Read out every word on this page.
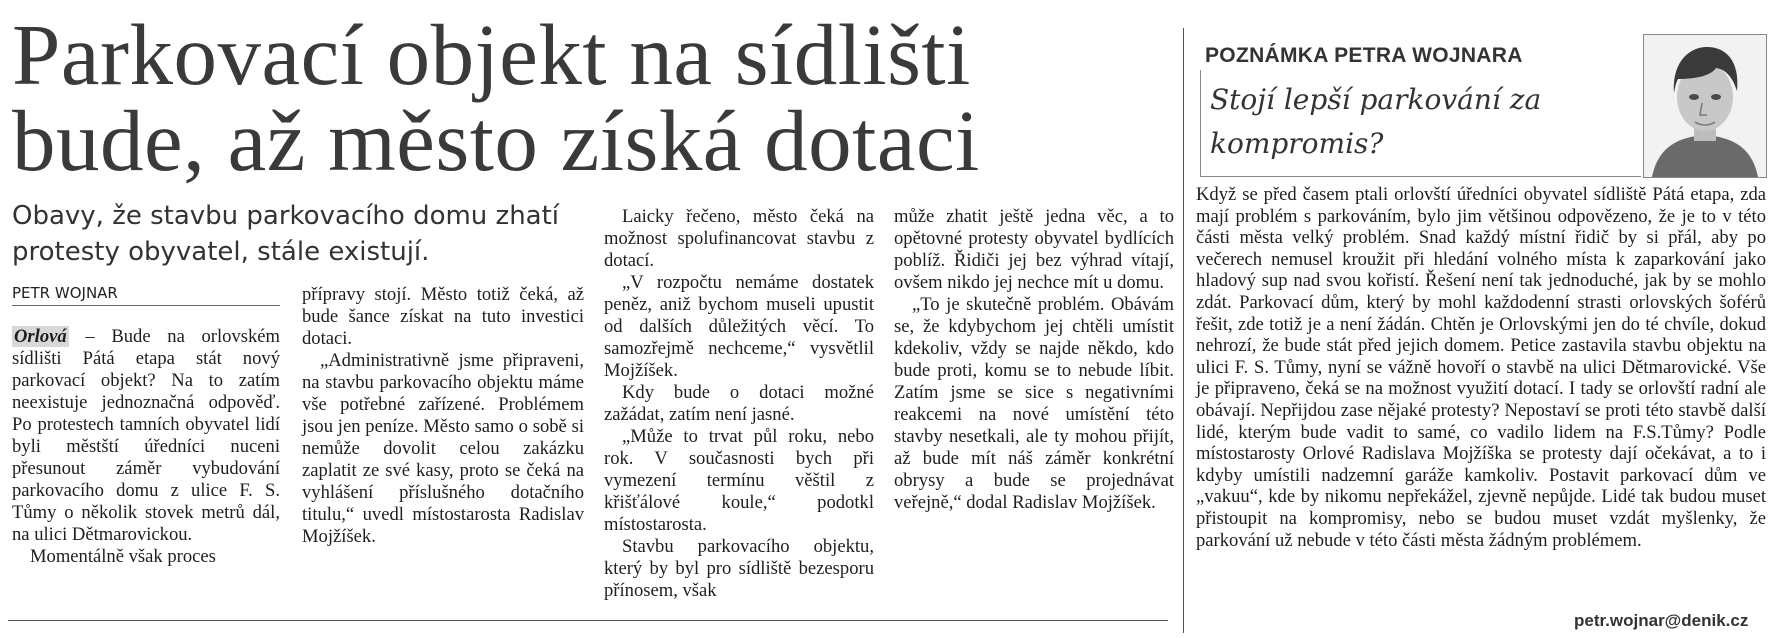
Parkovací objekt na sídlišti bude, až město získá dotaci
Obavy, že stavbu parkovacího domu zhatí protesty obyvatel, stále existují.
PETR WOJNAR

Orlová – Bude na orlovském sídlišti Pátá etapa stát nový parkovací objekt? Na to zatím neexistuje jednoznačná odpověď. Po protestech tamních obyvatel lidí byli městští úředníci nuceni přesunout záměr vybudování parkovacího domu z ulice F. S. Tůmy o několik stovek metrů dál, na ulici Dětmarovickou.

Momentálně však proces

přípravy stojí. Město totiž čeká, až bude šance získat na tuto investici dotaci.

„Administrativně jsme připraveni, na stavbu parkovacího objektu máme vše potřebné zařízené. Problémem jsou jen peníze. Město samo o sobě si nemůže dovolit celou zakázku zaplatit ze své kasy, proto se čeká na vyhlášení příslušného dotačního titulu,“ uvedl místostarosta Radislav Mojžíšek.

Laicky řečeno, město čeká na možnost spolufinancovat stavbu z dotací.

„V rozpočtu nemáme dostatek peněz, aniž bychom museli upustit od dalších důležitých věcí. To samozřejmě nechceme,“ vysvětlil Mojžíšek.

Kdy bude o dotaci možné zažádat, zatím není jasné.

„Může to trvat půl roku, nebo rok. V současnosti bych při vymezení termínu věštil z křišťálové koule,“ podotkl místostarosta.

Stavbu parkovacího objektu, který by byl pro sídliště bezesporu přínosem, však

může zhatit ještě jedna věc, a to opětovné protesty obyvatel bydlících poblíž. Řidiči jej bez výhrad vítají, ovšem nikdo jej nechce mít u domu.

„To je skutečně problém. Obávám se, že kdybychom jej chtěli umístit kdekoliv, vždy se najde někdo, kdo bude proti, komu se to nebude líbit. Zatím jsme se sice s negativními reakcemi na nové umístění této stavby nesetkali, ale ty mohou přijít, až bude mít náš záměr konkrétní obrysy a bude se projednávat veřejně,“ dodal Radislav Mojžíšek.

POZNÁMKA PETRA WOJNARA
Stojí lepší parkování za kompromis?

Když se před časem ptali orlovští úředníci obyvatel sídliště Pátá etapa, zda mají problém s parkováním, bylo jim většinou odpovězeno, že je to v této části města velký problém. Snad každý místní řidič by si přál, aby po večerech nemusel kroužit při hledání volného místa k zaparkování jako hladový sup nad svou kořistí. Řešení není tak jednoduché, jak by se mohlo zdát. Parkovací dům, který by mohl každodenní strasti orlovských šoférů řešit, zde totiž je a není žádán. Chtěn je Orlovskými jen do té chvíle, dokud nehrozí, že bude stát před jejich domem. Petice zastavila stavbu objektu na ulici F. S. Tůmy, nyní se vážně hovoří o stavbě na ulici Dětmarovické. Vše je připraveno, čeká se na možnost využití dotací. I tady se orlovští radní ale obávají. Nepřijdou zase nějaké protesty? Nepostaví se proti této stavbě další lidé, kterým bude vadit to samé, co vadilo lidem na F.S.Tůmy? Podle místostarosty Orlové Radislava Mojžíška se protesty dají očekávat, a to i kdyby umístili nadzemní garáže kamkoliv. Postavit parkovací dům ve „vakuu“, kde by nikomu nepřekážel, zjevně nepůjde. Lidé tak budou muset přistoupit na kompromisy, nebo se budou muset vzdát myšlenky, že parkování už nebude v této části města žádným problémem.

petr.wojnar@denik.cz
